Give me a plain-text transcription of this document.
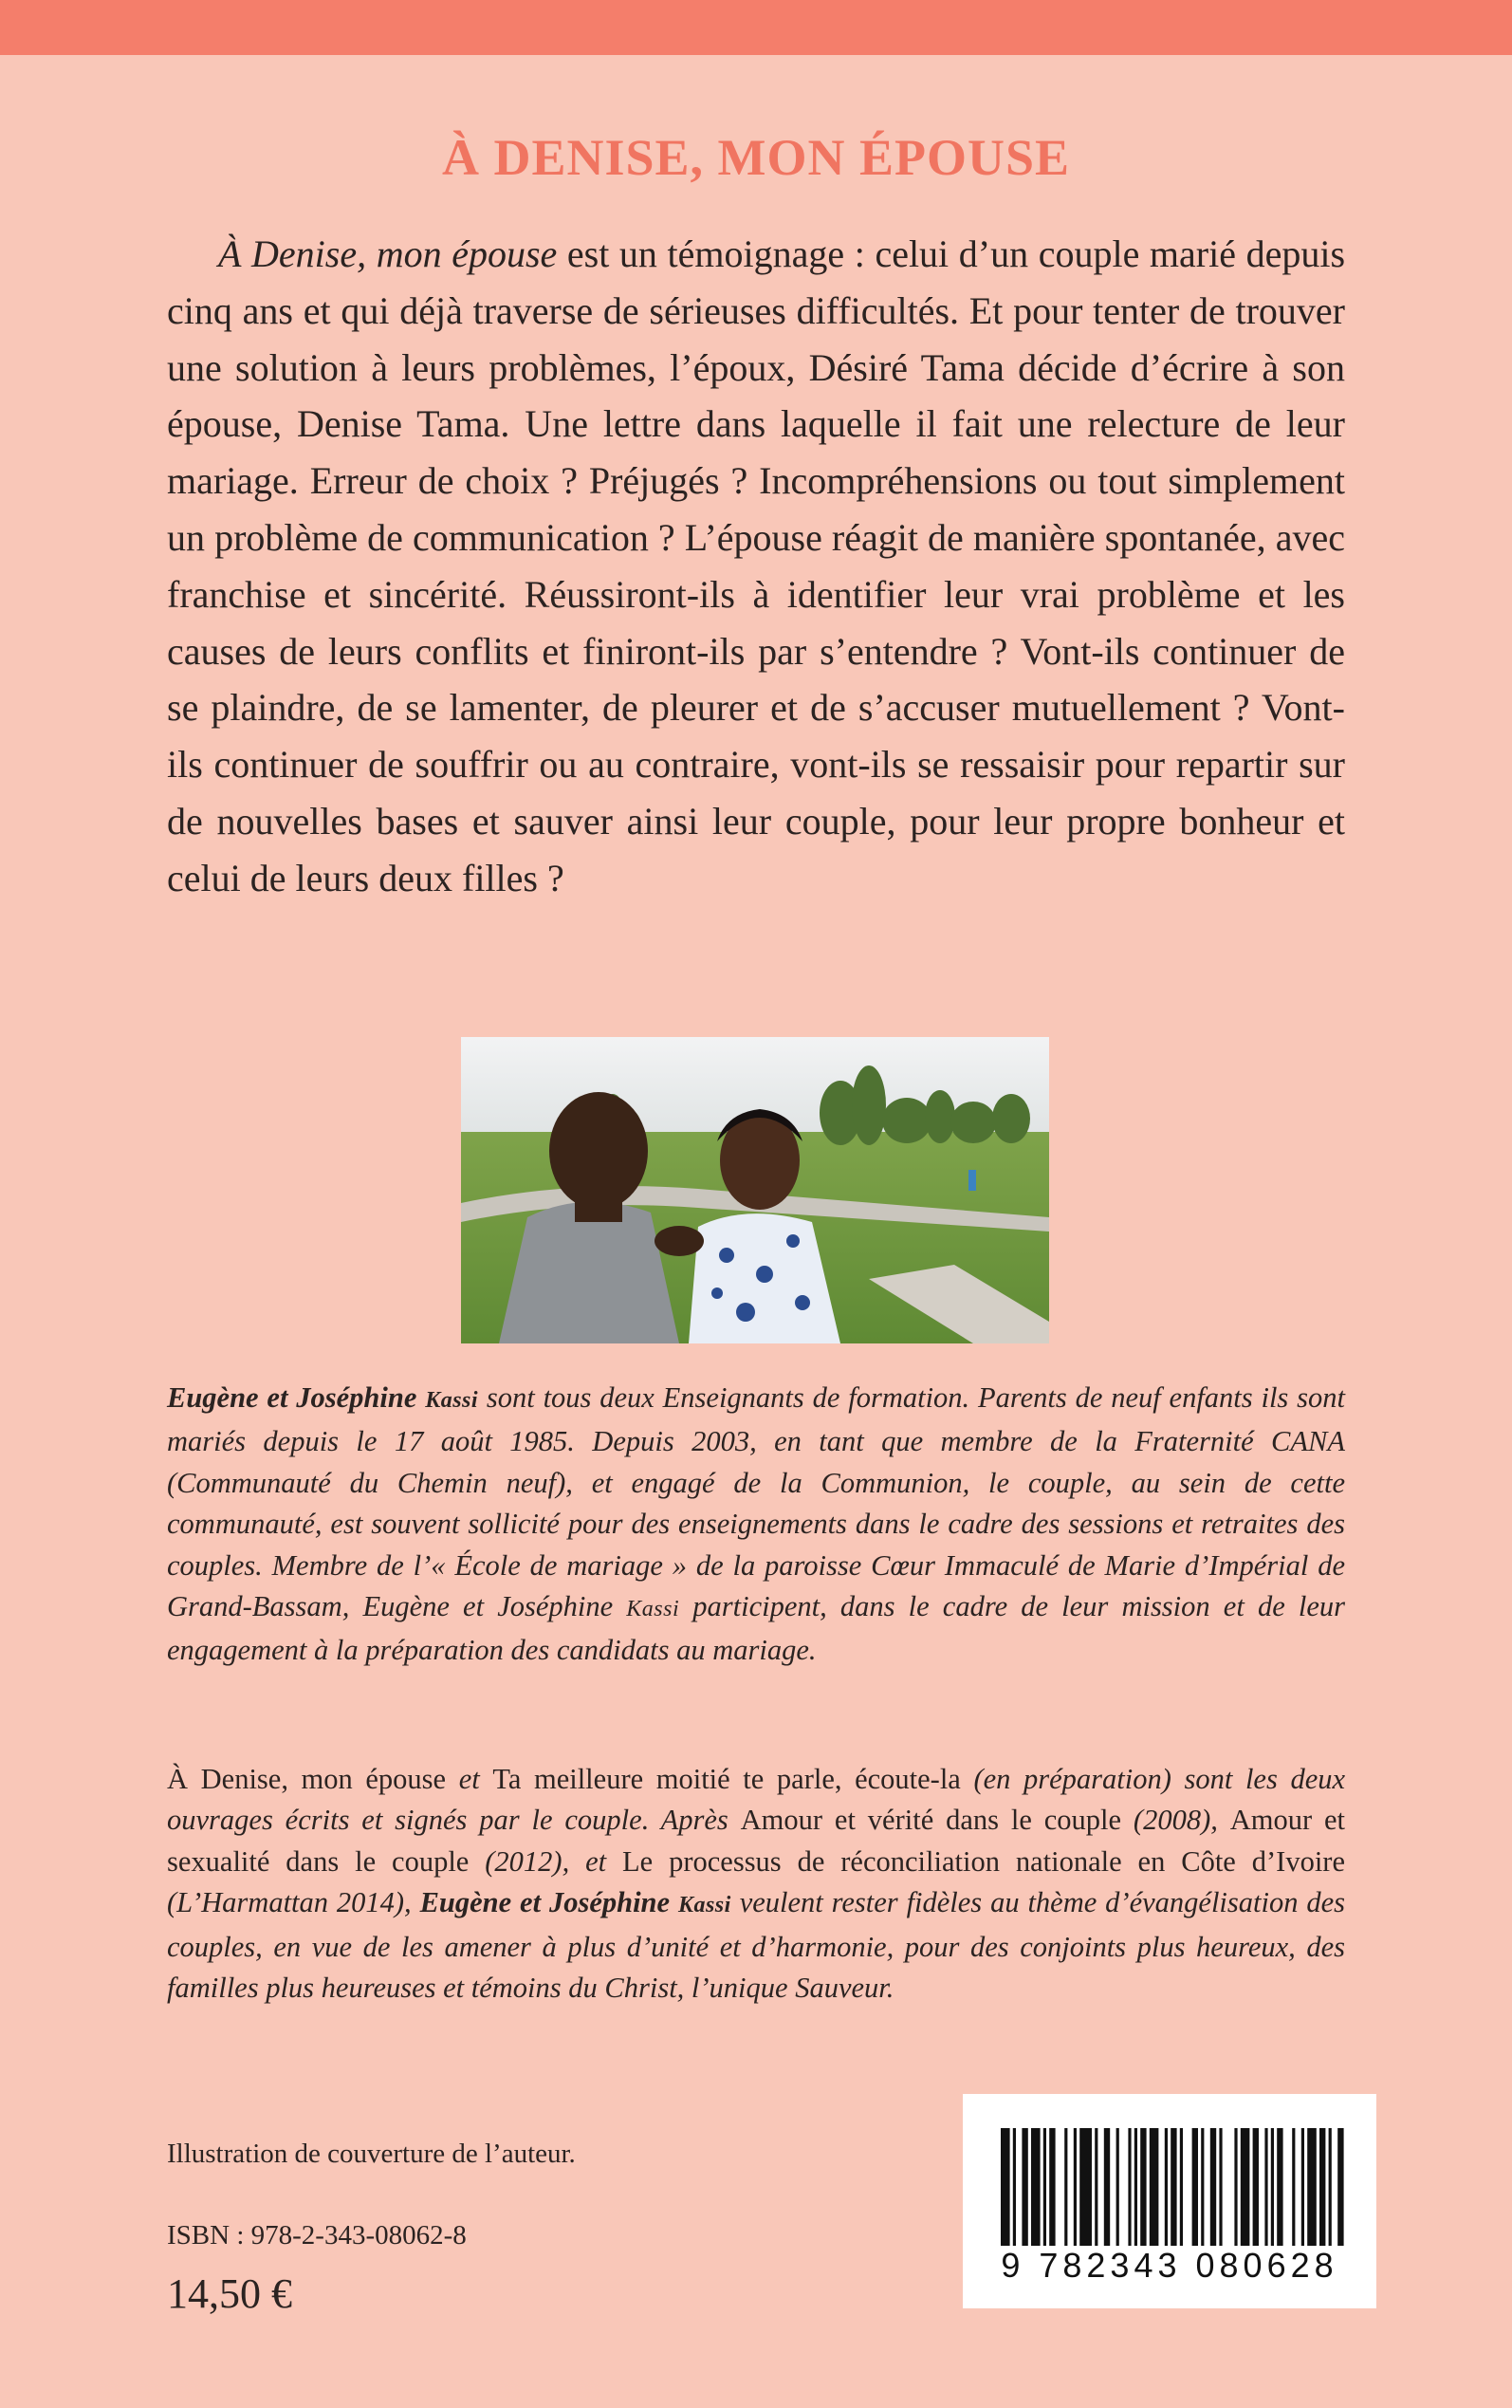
À DENISE, MON ÉPOUSE

À Denise, mon épouse est un témoignage : celui d’un couple marié depuis cinq ans et qui déjà traverse de sérieuses difficultés. Et pour tenter de trouver une solution à leurs problèmes, l’époux, Désiré Tama décide d’écrire à son épouse, Denise Tama. Une lettre dans laquelle il fait une relecture de leur mariage. Erreur de choix ? Préjugés ? Incompréhensions ou tout simplement un problème de communication ? L’épouse réagit de manière spontanée, avec franchise et sincérité. Réussiront-ils à identifier leur vrai problème et les causes de leurs conflits et finiront-ils par s’entendre ? Vont-ils continuer de se plaindre, de se lamenter, de pleurer et de s’accuser mutuellement ? Vont-ils continuer de souffrir ou au contraire, vont-ils se ressaisir pour repartir sur de nouvelles bases et sauver ainsi leur couple, pour leur propre bonheur et celui de leurs deux filles ?

Eugène et Joséphine Kassi sont tous deux Enseignants de formation. Parents de neuf enfants ils sont mariés depuis le 17 août 1985. Depuis 2003, en tant que membre de la Fraternité CANA (Communauté du Chemin neuf), et engagé de la Communion, le couple, au sein de cette communauté, est souvent sollicité pour des enseignements dans le cadre des sessions et retraites des couples. Membre de l’« École de mariage » de la paroisse Cœur Immaculé de Marie d’Impérial de Grand-Bassam, Eugène et Joséphine Kassi participent, dans le cadre de leur mission et de leur engagement à la préparation des candidats au mariage.

À Denise, mon épouse et Ta meilleure moitié te parle, écoute-la (en préparation) sont les deux ouvrages écrits et signés par le couple. Après Amour et vérité dans le couple (2008), Amour et sexualité dans le couple (2012), et Le processus de réconciliation nationale en Côte d’Ivoire (L’Harmattan 2014), Eugène et Joséphine Kassi veulent rester fidèles au thème d’évangélisation des couples, en vue de les amener à plus d’unité et d’harmonie, pour des conjoints plus heureux, des familles plus heureuses et témoins du Christ, l’unique Sauveur.

Illustration de couverture de l’auteur.
ISBN : 978-2-343-08062-8
14,50 €
9 782343 080628
